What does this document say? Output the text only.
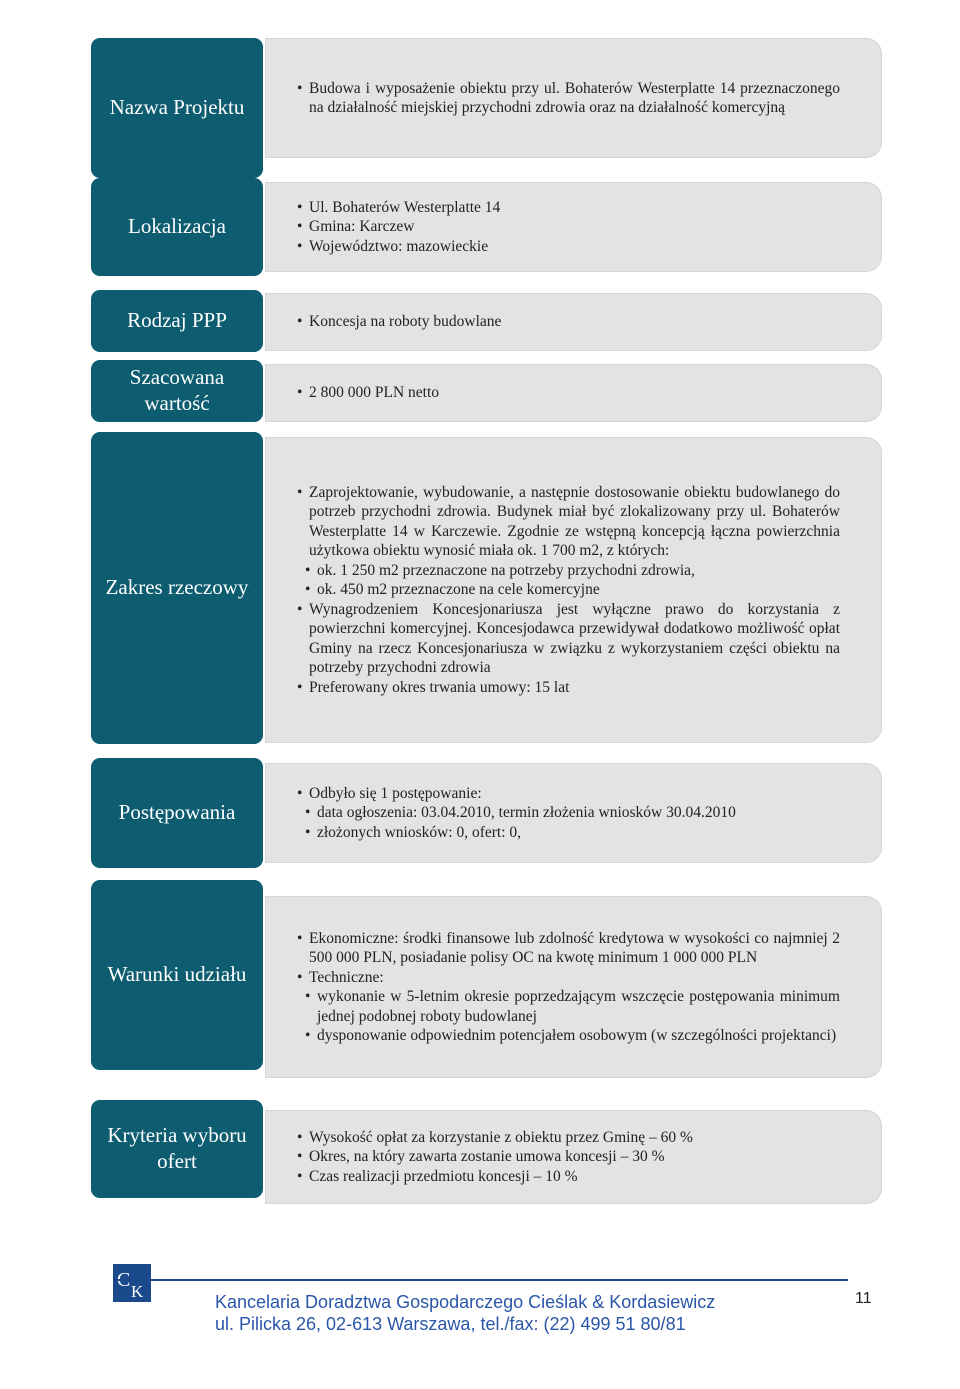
Nazwa Projektu
• Budowa i wyposażenie obiektu przy ul. Bohaterów Westerplatte 14 przeznaczonego na działalność miejskiej przychodni zdrowia oraz na działalność komercyjną
Lokalizacja
• Ul. Bohaterów Westerplatte 14
• Gmina: Karczew
• Województwo: mazowieckie
Rodzaj PPP	• Koncesja na roboty budowlane
Szacowana wartość	• 2 800 000 PLN netto
Zakres rzeczowy
• Zaprojektowanie, wybudowanie, a następnie dostosowanie obiektu budowlanego do potrzeb przychodni zdrowia. Budynek miał być zlokalizowany przy ul. Bohaterów Westerplatte 14 w Karczewie. Zgodnie ze wstępną koncepcją łączna powierzchnia użytkowa obiektu wynosić miała ok. 1 700 m2, z których:
• ok. 1 250 m2 przeznaczone na potrzeby przychodni zdrowia,
• ok. 450 m2 przeznaczone na cele komercyjne
• Wynagrodzeniem Koncesjonariusza jest wyłączne prawo do korzystania z powierzchni komercyjnej. Koncesjodawca przewidywał dodatkowo możliwość opłat Gminy na rzecz Koncesjonariusza w związku z wykorzystaniem części obiektu na potrzeby przychodni zdrowia
• Preferowany okres trwania umowy: 15 lat
Postępowania
• Odbyło się 1 postępowanie:
• data ogłoszenia: 03.04.2010, termin złożenia wniosków 30.04.2010
• złożonych wniosków: 0, ofert: 0,
Warunki udziału
• Ekonomiczne: środki finansowe lub zdolność kredytowa w wysokości co najmniej 2 500 000 PLN, posiadanie polisy OC na kwotę minimum 1 000 000 PLN
• Techniczne:
• wykonanie w 5-letnim okresie poprzedzającym wszczęcie postępowania minimum jednej podobnej roboty budowlanej
• dysponowanie odpowiednim potencjałem osobowym (w szczególności projektanci)
Kryteria wyboru ofert
• Wysokość opłat za korzystanie z obiektu przez Gminę – 60 %
• Okres, na który zawarta zostanie umowa koncesji – 30 %
• Czas realizacji przedmiotu koncesji – 10 %
K
Kancelaria Doradztwa Gospodarczego Cieślak & Kordasiewicz
ul. Pilicka 26, 02-613 Warszawa, tel./fax: (22) 499 51 80/81
11
